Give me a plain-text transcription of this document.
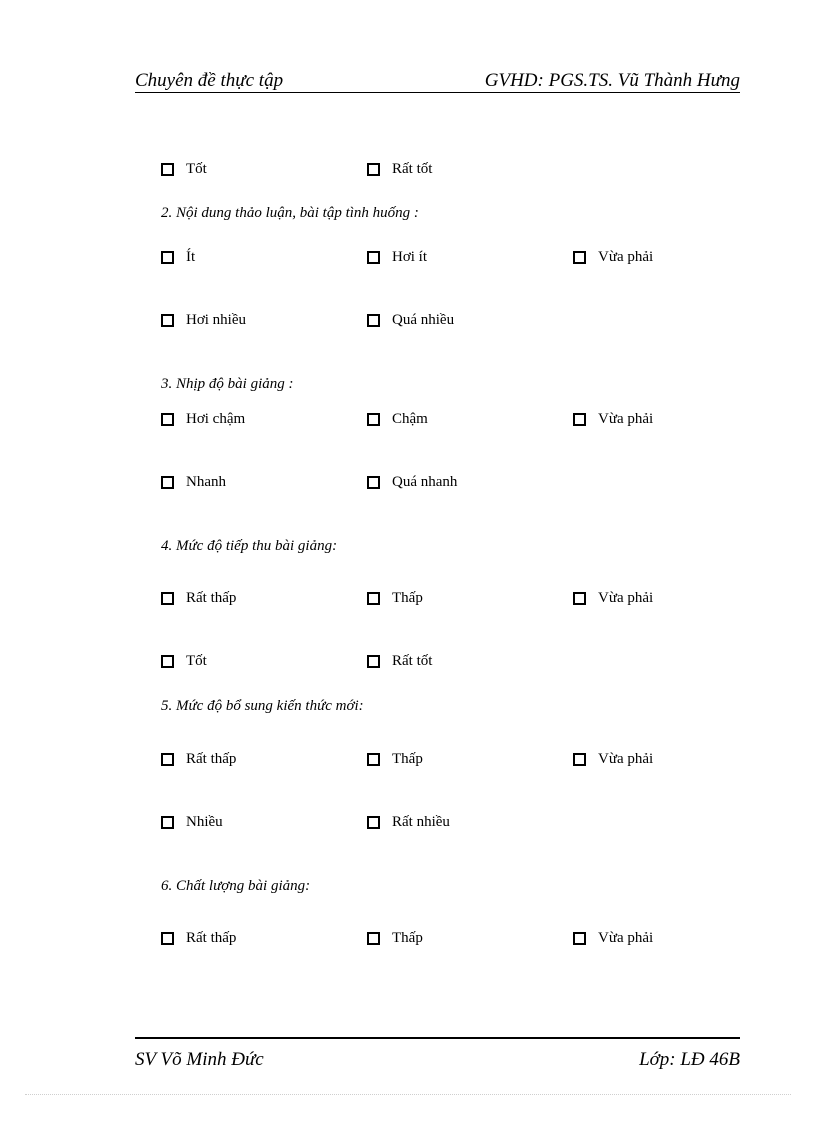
Chuyên đề thực tập	GVHD: PGS.TS. Vũ Thành Hưng
Tốt	Rất tốt
2. Nội dung thảo luận, bài tập tình huống :
Ít	Hơi ít	Vừa phải
Hơi nhiều	Quá nhiều
3. Nhịp độ bài giảng :
Hơi chậm	Chậm	Vừa phải
Nhanh	Quá nhanh
4. Mức độ tiếp thu bài giảng:
Rất thấp	Thấp	Vừa phải
Tốt	Rất tốt
5. Mức độ bổ sung kiến thức mới:
Rất thấp	Thấp	Vừa phải
Nhiều	Rất nhiều
6. Chất lượng bài giảng:
Rất thấp	Thấp	Vừa phải
SV Võ Minh Đức	Lớp: LĐ 46B
